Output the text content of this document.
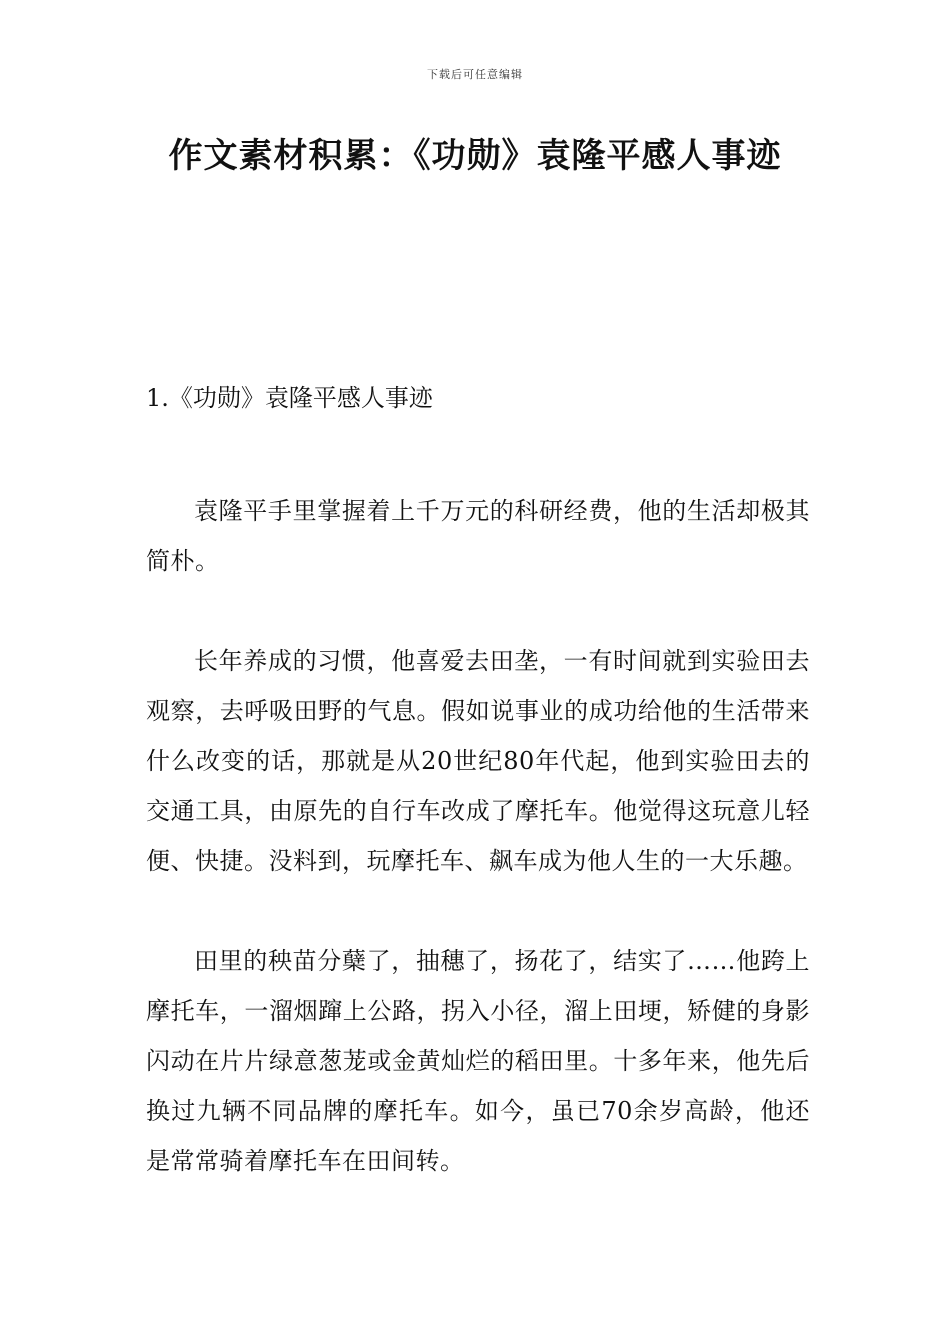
下载后可任意编辑
作文素材积累：《功勋》袁隆平感人事迹

1.《功勋》袁隆平感人事迹

袁隆平手里掌握着上千万元的科研经费，他的生活却极其简朴。

长年养成的习惯，他喜爱去田垄，一有时间就到实验田去观察，去呼吸田野的气息。假如说事业的成功给他的生活带来什么改变的话，那就是从20世纪80年代起，他到实验田去的交通工具，由原先的自行车改成了摩托车。他觉得这玩意儿轻便、快捷。没料到，玩摩托车、飙车成为他人生的一大乐趣。

田里的秧苗分蘖了，抽穗了，扬花了，结实了……他跨上摩托车，一溜烟蹿上公路，拐入小径，溜上田埂，矫健的身影闪动在片片绿意葱茏或金黄灿烂的稻田里。十多年来，他先后换过九辆不同品牌的摩托车。如今，虽已70余岁高龄，他还是常常骑着摩托车在田间转。
